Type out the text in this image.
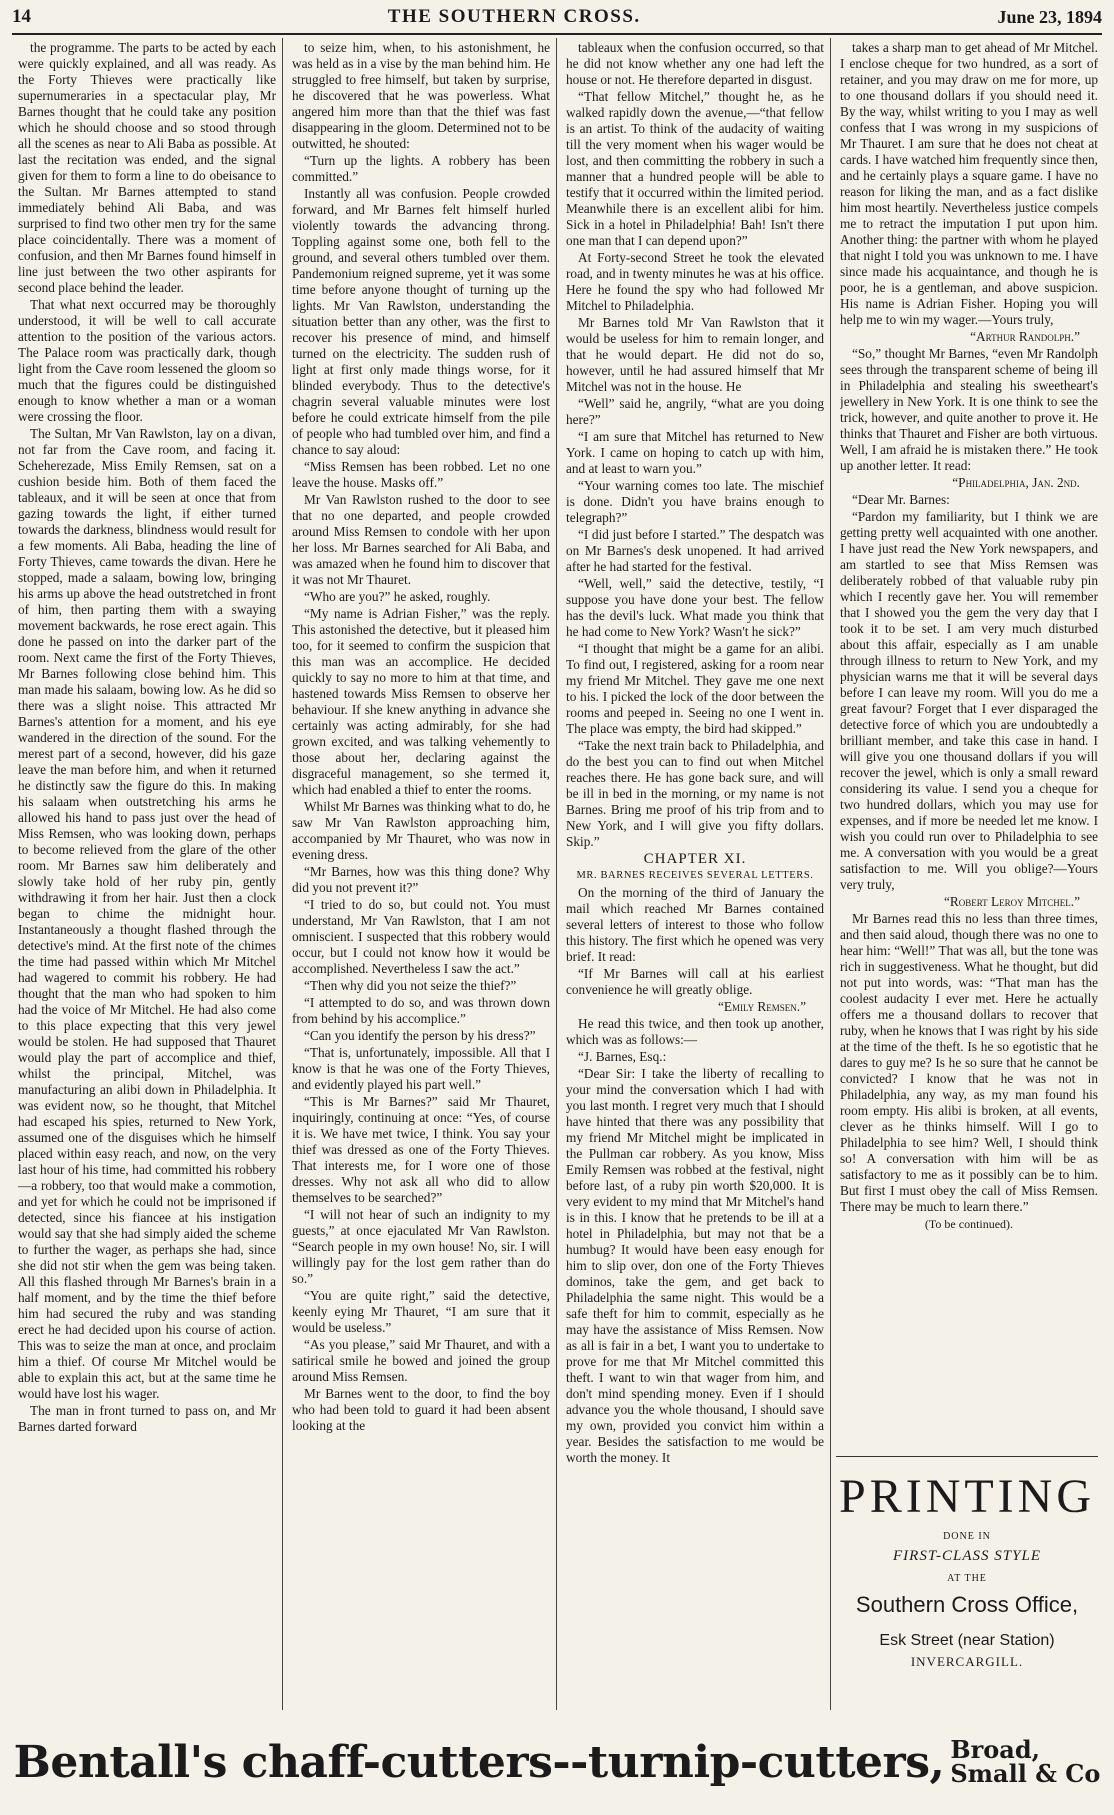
14	THE SOUTHERN CROSS.	June 23, 1894

the programme. The parts to be acted by each were quickly explained, and all was ready. As the Forty Thieves were practically like supernumeraries in a spectacular play, Mr Barnes thought that he could take any position which he should choose and so stood through all the scenes as near to Ali Baba as possible. At last the recitation was ended, and the signal given for them to form a line to do obeisance to the Sultan. Mr Barnes attempted to stand immediately behind Ali Baba, and was surprised to find two other men try for the same place coincidentally. There was a moment of confusion, and then Mr Barnes found himself in line just between the two other aspirants for second place behind the leader.

That what next occurred may be thoroughly understood, it will be well to call accurate attention to the position of the various actors. The Palace room was practically dark, though light from the Cave room lessened the gloom so much that the figures could be distinguished enough to know whether a man or a woman were crossing the floor.

The Sultan, Mr Van Rawlston, lay on a divan, not far from the Cave room, and facing it. Scheherezade, Miss Emily Remsen, sat on a cushion beside him. Both of them faced the tableaux, and it will be seen at once that from gazing towards the light, if either turned towards the darkness, blindness would result for a few moments. Ali Baba, heading the line of Forty Thieves, came towards the divan. Here he stopped, made a salaam, bowing low, bringing his arms up above the head outstretched in front of him, then parting them with a swaying movement backwards, he rose erect again. This done he passed on into the darker part of the room. Next came the first of the Forty Thieves, Mr Barnes following close behind him. This man made his salaam, bowing low. As he did so there was a slight noise. This attracted Mr Barnes's attention for a moment, and his eye wandered in the direction of the sound. For the merest part of a second, however, did his gaze leave the man before him, and when it returned he distinctly saw the figure do this. In making his salaam when outstretching his arms he allowed his hand to pass just over the head of Miss Remsen, who was looking down, perhaps to become relieved from the glare of the other room. Mr Barnes saw him deliberately and slowly take hold of her ruby pin, gently withdrawing it from her hair. Just then a clock began to chime the midnight hour. Instantaneously a thought flashed through the detective's mind. At the first note of the chimes the time had passed within which Mr Mitchel had wagered to commit his robbery. He had thought that the man who had spoken to him had the voice of Mr Mitchel. He had also come to this place expecting that this very jewel would be stolen. He had supposed that Thauret would play the part of accomplice and thief, whilst the principal, Mitchel, was manufacturing an alibi down in Philadelphia. It was evident now, so he thought, that Mitchel had escaped his spies, returned to New York, assumed one of the disguises which he himself placed within easy reach, and now, on the very last hour of his time, had committed his robbery—a robbery, too that would make a commotion, and yet for which he could not be imprisoned if detected, since his fiancee at his instigation would say that she had simply aided the scheme to further the wager, as perhaps she had, since she did not stir when the gem was being taken. All this flashed through Mr Barnes's brain in a half moment, and by the time the thief before him had secured the ruby and was standing erect he had decided upon his course of action. This was to seize the man at once, and proclaim him a thief. Of course Mr Mitchel would be able to explain this act, but at the same time he would have lost his wager.

The man in front turned to pass on, and Mr Barnes darted forward

to seize him, when, to his astonishment, he was held as in a vise by the man behind him. He struggled to free himself, but taken by surprise, he discovered that he was powerless. What angered him more than that the thief was fast disappearing in the gloom. Determined not to be outwitted, he shouted:

“Turn up the lights. A robbery has been committed.”

Instantly all was confusion. People crowded forward, and Mr Barnes felt himself hurled violently towards the advancing throng. Toppling against some one, both fell to the ground, and several others tumbled over them. Pandemonium reigned supreme, yet it was some time before anyone thought of turning up the lights. Mr Van Rawlston, understanding the situation better than any other, was the first to recover his presence of mind, and himself turned on the electricity. The sudden rush of light at first only made things worse, for it blinded everybody. Thus to the detective's chagrin several valuable minutes were lost before he could extricate himself from the pile of people who had tumbled over him, and find a chance to say aloud:

“Miss Remsen has been robbed. Let no one leave the house. Masks off.”

Mr Van Rawlston rushed to the door to see that no one departed, and people crowded around Miss Remsen to condole with her upon her loss. Mr Barnes searched for Ali Baba, and was amazed when he found him to discover that it was not Mr Thauret.

“Who are you?” he asked, roughly.

“My name is Adrian Fisher,” was the reply. This astonished the detective, but it pleased him too, for it seemed to confirm the suspicion that this man was an accomplice. He decided quickly to say no more to him at that time, and hastened towards Miss Remsen to observe her behaviour. If she knew anything in advance she certainly was acting admirably, for she had grown excited, and was talking vehemently to those about her, declaring against the disgraceful management, so she termed it, which had enabled a thief to enter the rooms.

Whilst Mr Barnes was thinking what to do, he saw Mr Van Rawlston approaching him, accompanied by Mr Thauret, who was now in evening dress.

“Mr Barnes, how was this thing done? Why did you not prevent it?”

“I tried to do so, but could not. You must understand, Mr Van Rawlston, that I am not omniscient. I suspected that this robbery would occur, but I could not know how it would be accomplished. Nevertheless I saw the act.”

“Then why did you not seize the thief?”

“I attempted to do so, and was thrown down from behind by his accomplice.”

“Can you identify the person by his dress?”

“That is, unfortunately, impossible. All that I know is that he was one of the Forty Thieves, and evidently played his part well.”

“This is Mr Barnes?” said Mr Thauret, inquiringly, continuing at once: “Yes, of course it is. We have met twice, I think. You say your thief was dressed as one of the Forty Thieves. That interests me, for I wore one of those dresses. Why not ask all who did to allow themselves to be searched?”

“I will not hear of such an indignity to my guests,” at once ejaculated Mr Van Rawlston. “Search people in my own house! No, sir. I will willingly pay for the lost gem rather than do so.”

“You are quite right,” said the detective, keenly eying Mr Thauret, “I am sure that it would be useless.”

“As you please,” said Mr Thauret, and with a satirical smile he bowed and joined the group around Miss Remsen.

Mr Barnes went to the door, to find the boy who had been told to guard it had been absent looking at the

tableaux when the confusion occurred, so that he did not know whether any one had left the house or not. He therefore departed in disgust.

“That fellow Mitchel,” thought he, as he walked rapidly down the avenue,—“that fellow is an artist. To think of the audacity of waiting till the very moment when his wager would be lost, and then committing the robbery in such a manner that a hundred people will be able to testify that it occurred within the limited period. Meanwhile there is an excellent alibi for him. Sick in a hotel in Philadelphia! Bah! Isn't there one man that I can depend upon?”

At Forty-second Street he took the elevated road, and in twenty minutes he was at his office. Here he found the spy who had followed Mr Mitchel to Philadelphia.

Mr Barnes told Mr Van Rawlston that it would be useless for him to remain longer, and that he would depart. He did not do so, however, until he had assured himself that Mr Mitchel was not in the house. He

“Well” said he, angrily, “what are you doing here?”

“I am sure that Mitchel has returned to New York. I came on hoping to catch up with him, and at least to warn you.”

“Your warning comes too late. The mischief is done. Didn't you have brains enough to telegraph?”

“I did just before I started.” The despatch was on Mr Barnes's desk unopened. It had arrived after he had started for the festival.

“Well, well,” said the detective, testily, “I suppose you have done your best. The fellow has the devil's luck. What made you think that he had come to New York? Wasn't he sick?”

“I thought that might be a game for an alibi. To find out, I registered, asking for a room near my friend Mr Mitchel. They gave me one next to his. I picked the lock of the door between the rooms and peeped in. Seeing no one I went in. The place was empty, the bird had skipped.”

“Take the next train back to Philadelphia, and do the best you can to find out when Mitchel reaches there. He has gone back sure, and will be ill in bed in the morning, or my name is not Barnes. Bring me proof of his trip from and to New York, and I will give you fifty dollars. Skip.”

CHAPTER XI.

MR. BARNES RECEIVES SEVERAL LETTERS.

On the morning of the third of January the mail which reached Mr Barnes contained several letters of interest to those who follow this history. The first which he opened was very brief. It read:

“If Mr Barnes will call at his earliest convenience he will greatly oblige.

“Emily Remsen.”

He read this twice, and then took up another, which was as follows:—

“J. Barnes, Esq.:

“Dear Sir: I take the liberty of recalling to your mind the conversation which I had with you last month. I regret very much that I should have hinted that there was any possibility that my friend Mr Mitchel might be implicated in the Pullman car robbery. As you know, Miss Emily Remsen was robbed at the festival, night before last, of a ruby pin worth $20,000. It is very evident to my mind that Mr Mitchel's hand is in this. I know that he pretends to be ill at a hotel in Philadelphia, but may not that be a humbug? It would have been easy enough for him to slip over, don one of the Forty Thieves dominos, take the gem, and get back to Philadelphia the same night. This would be a safe theft for him to commit, especially as he may have the assistance of Miss Remsen. Now as all is fair in a bet, I want you to undertake to prove for me that Mr Mitchel committed this theft. I want to win that wager from him, and don't mind spending money. Even if I should advance you the whole thousand, I should save my own, provided you convict him within a year. Besides the satisfaction to me would be worth the money. It

takes a sharp man to get ahead of Mr Mitchel. I enclose cheque for two hundred, as a sort of retainer, and you may draw on me for more, up to one thousand dollars if you should need it. By the way, whilst writing to you I may as well confess that I was wrong in my suspicions of Mr Thauret. I am sure that he does not cheat at cards. I have watched him frequently since then, and he certainly plays a square game. I have no reason for liking the man, and as a fact dislike him most heartily. Nevertheless justice compels me to retract the imputation I put upon him. Another thing: the partner with whom he played that night I told you was unknown to me. I have since made his acquaintance, and though he is poor, he is a gentleman, and above suspicion. His name is Adrian Fisher. Hoping you will help me to win my wager.—Yours truly,

“Arthur Randolph.”

“So,” thought Mr Barnes, “even Mr Randolph sees through the transparent scheme of being ill in Philadelphia and stealing his sweetheart's jewellery in New York. It is one think to see the trick, however, and quite another to prove it. He thinks that Thauret and Fisher are both virtuous. Well, I am afraid he is mistaken there.” He took up another letter. It read:

“Philadelphia, Jan. 2nd.

“Dear Mr. Barnes:

“Pardon my familiarity, but I think we are getting pretty well acquainted with one another. I have just read the New York newspapers, and am startled to see that Miss Remsen was deliberately robbed of that valuable ruby pin which I recently gave her. You will remember that I showed you the gem the very day that I took it to be set. I am very much disturbed about this affair, especially as I am unable through illness to return to New York, and my physician warns me that it will be several days before I can leave my room. Will you do me a great favour? Forget that I ever disparaged the detective force of which you are undoubtedly a brilliant member, and take this case in hand. I will give you one thousand dollars if you will recover the jewel, which is only a small reward considering its value. I send you a cheque for two hundred dollars, which you may use for expenses, and if more be needed let me know. I wish you could run over to Philadelphia to see me. A conversation with you would be a great satisfaction to me. Will you oblige?—Yours very truly,

“Robert Leroy Mitchel.”

Mr Barnes read this no less than three times, and then said aloud, though there was no one to hear him: “Well!” That was all, but the tone was rich in suggestiveness. What he thought, but did not put into words, was: “That man has the coolest audacity I ever met. Here he actually offers me a thousand dollars to recover that ruby, when he knows that I was right by his side at the time of the theft. Is he so egotistic that he dares to guy me? Is he so sure that he cannot be convicted? I know that he was not in Philadelphia, any way, as my man found his room empty. His alibi is broken, at all events, clever as he thinks himself. Will I go to Philadelphia to see him? Well, I should think so! A conversation with him will be as satisfactory to me as it possibly can be to him. But first I must obey the call of Miss Remsen. There may be much to learn there.”

(To be continued).

PRINTING
DONE IN
FIRST-CLASS STYLE
AT THE
Southern Cross Office,
Esk Street (near Station)
INVERCARGILL.
Bentall's chaff-cutters--turnip-cutters, Broad,
Small & Co
